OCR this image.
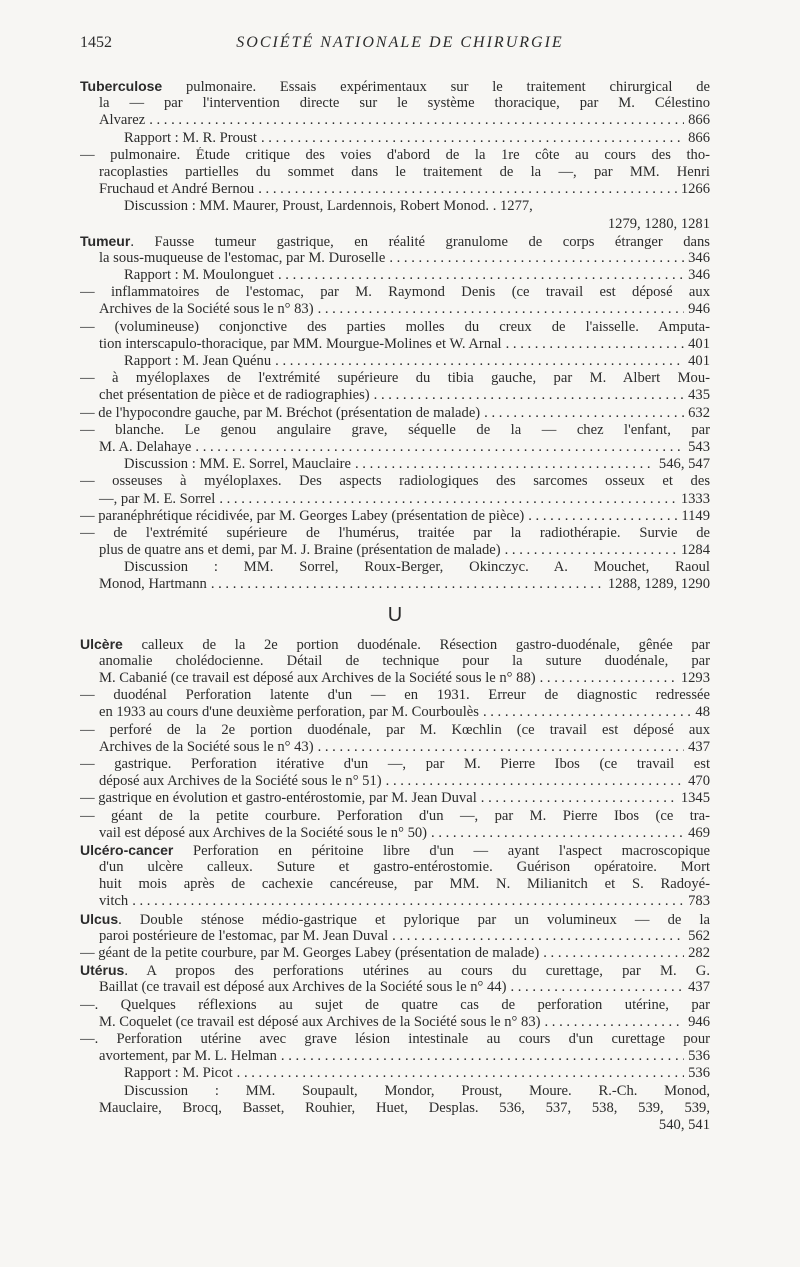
1452	SOCIÉTÉ NATIONALE DE CHIRURGIE
Tuberculose pulmonaire. Essais expérimentaux sur le traitement chirurgical de
la — par l'intervention directe sur le système thoracique, par M. Célestino
Alvarez . . .	866
Rapport : M. R. Proust . . .	866
— pulmonaire. Étude critique des voies d'abord de la 1re côte au cours des tho-
racoplasties partielles du sommet dans le traitement de la —, par MM. Henri
Fruchaud et André Bernou . . .	1266
Discussion : MM. Maurer, Proust, Lardennois, Robert Monod. . 1277,
1279, 1280, 1281
Tumeur. Fausse tumeur gastrique, en réalité granulome de corps étranger dans
la sous-muqueuse de l'estomac, par M. Duroselle . . .	346
Rapport : M. Moulonguet . . .	346
— inflammatoires de l'estomac, par M. Raymond Denis (ce travail est déposé aux
Archives de la Société sous le n° 83) . . .	946
— (volumineuse) conjonctive des parties molles du creux de l'aisselle. Amputa-
tion interscapulo-thoracique, par MM. Mourgue-Molines et W. Arnal . . .	401
Rapport : M. Jean Quénu . . .	401
— à myéloplaxes de l'extrémité supérieure du tibia gauche, par M. Albert Mou-
chet présentation de pièce et de radiographies) . . .	435
— de l'hypocondre gauche, par M. Bréchot (présentation de malade) . . .	632
— blanche. Le genou angulaire grave, séquelle de la — chez l'enfant, par
M. A. Delahaye . . .	543
Discussion : MM. E. Sorrel, Mauclaire . . .	546, 547
— osseuses à myéloplaxes. Des aspects radiologiques des sarcomes osseux et des
—, par M. E. Sorrel . . .	1333
— paranéphrétique récidivée, par M. Georges Labey (présentation de pièce) . . .	1149
— de l'extrémité supérieure de l'humérus, traitée par la radiothérapie. Survie de
plus de quatre ans et demi, par M. J. Braine (présentation de malade) . . .	1284
Discussion : MM. Sorrel, Roux-Berger, Okinczyc. A. Mouchet, Raoul
Monod, Hartmann . . .	1288, 1289, 1290
U
Ulcère calleux de la 2e portion duodénale. Résection gastro-duodénale, gênée par
anomalie cholédocienne. Détail de technique pour la suture duodénale, par
M. Cabanié (ce travail est déposé aux Archives de la Société sous le n° 88) . . .	1293
— duodénal Perforation latente d'un — en 1931. Erreur de diagnostic redressée
en 1933 au cours d'une deuxième perforation, par M. Courboulès . . .	48
— perforé de la 2e portion duodénale, par M. Kœchlin (ce travail est déposé aux
Archives de la Société sous le n° 43) . . .	437
— gastrique. Perforation itérative d'un —, par M. Pierre Ibos (ce travail est
déposé aux Archives de la Société sous le n° 51) . . .	470
— gastrique en évolution et gastro-entérostomie, par M. Jean Duval . . .	1345
— géant de la petite courbure. Perforation d'un —, par M. Pierre Ibos (ce tra-
vail est déposé aux Archives de la Société sous le n° 50) . . .	469
Ulcéro-cancer Perforation en péritoine libre d'un — ayant l'aspect macroscopique
d'un ulcère calleux. Suture et gastro-entérostomie. Guérison opératoire. Mort
huit mois après de cachexie cancéreuse, par MM. N. Milianitch et S. Radoyé-
vitch . . .	783
Ulcus. Double sténose médio-gastrique et pylorique par un volumineux — de la
paroi postérieure de l'estomac, par M. Jean Duval . . .	562
— géant de la petite courbure, par M. Georges Labey (présentation de malade) . . .	282
Utérus. A propos des perforations utérines au cours du curettage, par M. G.
Baillat (ce travail est déposé aux Archives de la Société sous le n° 44) . . .	437
—. Quelques réflexions au sujet de quatre cas de perforation utérine, par
M. Coquelet (ce travail est déposé aux Archives de la Société sous le n° 83) . . .	946
—. Perforation utérine avec grave lésion intestinale au cours d'un curettage pour
avortement, par M. L. Helman . . .	536
Rapport : M. Picot . . .	536
Discussion : MM. Soupault, Mondor, Proust, Moure. R.-Ch. Monod,
Mauclaire, Brocq, Basset, Rouhier, Huet, Desplas. 536, 537, 538, 539, 539,
540, 541
